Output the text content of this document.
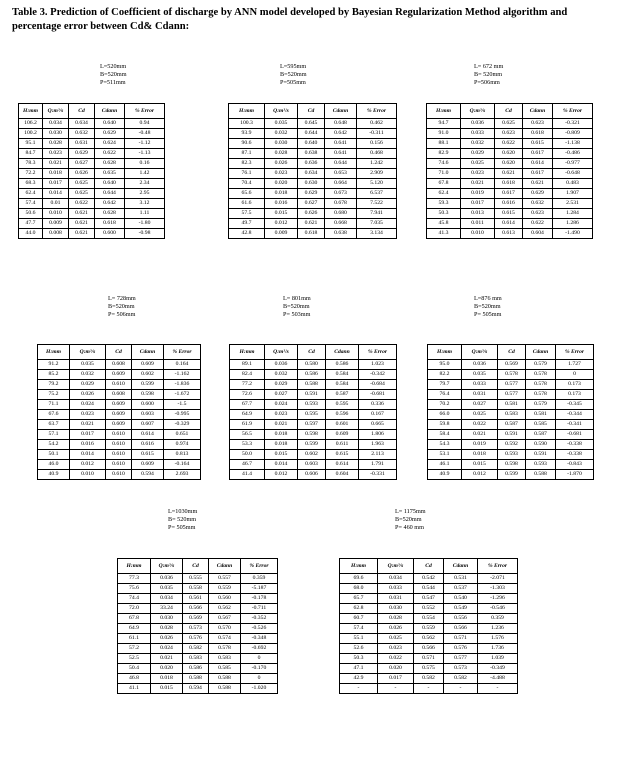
Table 3. Prediction of Coefficient of discharge by ANN model developed by Bayesian Regularization Method algorithm and percentage error between Cd& Cdann:
L=520mm
B=520mm
P=511mm
H:mm	Q:m³/s	Cd	Cdann	% Error
106.2	0.034	0.634	0.640	0.94
100.2	0.030	0.632	0.629	-0.48
95.1	0.028	0.631	0.624	-1.12
84.7	0.023	0.629	0.622	-1.13
78.3	0.021	0.627	0.628	0.16
72.2	0.018	0.626	0.635	1.42
68.3	0.017	0.625	0.640	2.34
62.4	0.014	0.625	0.644	2.95
57.4	0.01	0.622	0.642	3.12
50.6	0.010	0.621	0.628	1.11
47.7	0.009	0.621	0.618	-1.80
44.0	0.008	0.621	0.600	-0.98
L=595mm
B=520mm
P=505mm
H:mm	Q:m³/s	Cd	Cdann	% Error
100.3	0.035	0.645	0.648	0.462
93.9	0.032	0.644	0.642	-0.311
90.6	0.030	0.640	0.641	0.156
87.1	0.028	0.638	0.641	0.468
82.3	0.026	0.636	0.644	1.242
76.1	0.023	0.634	0.653	2.909
70.4	0.020	0.630	0.664	5.120
65.6	0.018	0.629	0.673	6.537
61.6	0.016	0.627	0.678	7.522
57.5	0.015	0.626	0.680	7.941
49.7	0.012	0.621	0.668	7.035
42.8	0.009	0.618	0.638	3.134
L= 672 mm
B= 520mm
P=506mm
H:mm	Q:m³/s	Cd	Cdann	% Error
94.7	0.036	0.625	0.623	-0.321
91.0	0.033	0.623	0.618	-0.809
88.1	0.032	0.622	0.615	-1.138
82.9	0.029	0.620	0.617	-0.486
74.6	0.025	0.620	0.614	-0.977
71.0	0.023	0.621	0.617	-0.648
67.8	0.021	0.618	0.621	0.483
62.4	0.019	0.617	0.629	1.907
59.3	0.017	0.616	0.632	2.531
50.3	0.013	0.615	0.623	1.284
45.8	0.011	0.614	0.622	1.286
41.3	0.010	0.613	0.604	-1.490
L= 728mm
B=520mm
P= 506mm
H:mm	Q:m³/s	Cd	Cdann	% Error
91.2	0.035	0.608	0.609	0.164
85.2	0.032	0.609	0.602	-1.162
79.2	0.029	0.610	0.599	-1.836
75.2	0.026	0.608	0.598	-1.672
71.1	0.024	0.609	0.600	-1.5
67.6	0.023	0.609	0.603	-0.995
63.7	0.021	0.609	0.607	-0.329
57.1	0.017	0.610	0.614	0.651
54.2	0.016	0.610	0.616	0.974
50.1	0.014	0.610	0.615	0.813
46.0	0.012	0.610	0.609	-0.164
40.9	0.010	0.610	0.594	2.693
L= 801mm
B=520mm
P= 503mm
H:mm	Q:m³/s	Cd	Cdann	% Error
89.1	0.036	0.580	0.586	1.023
82.4	0.032	0.586	0.584	-0.342
77.2	0.029	0.588	0.584	-0.684
72.6	0.027	0.591	0.587	-0.681
67.7	0.024	0.593	0.595	0.336
64.9	0.023	0.595	0.596	0.167
61.9	0.021	0.597	0.601	0.665
56.5	0.018	0.598	0.609	1.806
53.3	0.018	0.599	0.611	1.963
50.0	0.015	0.602	0.615	2.113
46.7	0.014	0.603	0.614	1.791
41.4	0.012	0.606	0.604	-0.331
L=876 mm
B=520mm
P= 505mm
H:mm	Q:m³/s	Cd	Cdann	% Error
95.0	0.036	0.569	0.579	1.727
82.2	0.035	0.578	0.578	0
79.7	0.033	0.577	0.578	0.173
76.4	0.031	0.577	0.578	0.173
70.2	0.027	0.581	0.579	-0.345
66.0	0.025	0.583	0.581	-0.344
59.8	0.022	0.587	0.585	-0.341
58.4	0.021	0.591	0.587	-0.681
54.3	0.019	0.592	0.590	-0.338
53.1	0.018	0.593	0.591	-0.338
46.1	0.015	0.598	0.593	-0.843
40.9	0.012	0.599	0.588	-1.870
L=1030mm
B= 520mm
P= 505mm
H:mm	Q:m³/s	Cd	Cdann	% Error
77.3	0.036	0.555	0.557	0.359
75.6	0.035	0.558	0.559	-5.187
74.4	0.034	0.561	0.560	-0.178
72.0	33.24	0.566	0.562	-0.711
67.8	0.030	0.569	0.567	-0.352
64.9	0.028	0.573	0.570	-0.526
61.1	0.026	0.576	0.574	-0.348
57.2	0.024	0.582	0.578	-0.692
52.5	0.021	0.583	0.583	0
50.4	0.020	0.586	0.585	-0.170
46.8	0.018	0.588	0.588	0
41.1	0.015	0.594	0.588	-1.020
L= 1175mm
B=520mm
P= 460 mm
H:mm	Q:m³/s	Cd	Cdann	% Error
69.6	0.034	0.542	0.531	-2.071
68.0	0.033	0.544	0.537	-1.303
65.7	0.031	0.547	0.540	-1.296
62.8	0.030	0.552	0.549	-0.546
60.7	0.028	0.554	0.556	0.359
57.4	0.026	0.559	0.566	1.236
55.1	0.025	0.562	0.571	1.576
52.6	0.023	0.566	0.576	1.736
50.3	0.022	0.571	0.577	1.039
47.1	0.020	0.575	0.573	-0.349
42.9	0.017	0.582	0.582	-4.488
-	-	-	-	-
